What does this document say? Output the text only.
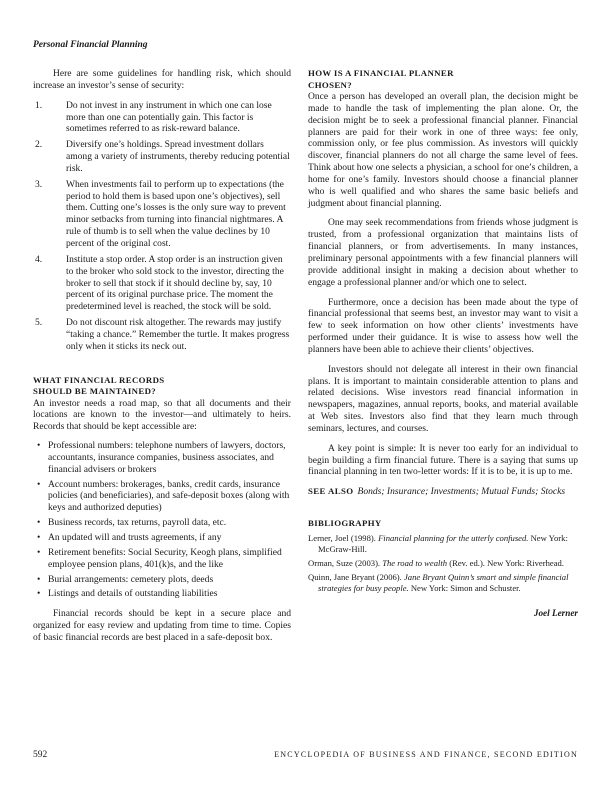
Personal Financial Planning

Here are some guidelines for handling risk, which should increase an investor’s sense of security:

1. Do not invest in any instrument in which one can lose more than one can potentially gain. This factor is sometimes referred to as risk-reward balance.
2. Diversify one’s holdings. Spread investment dollars among a variety of instruments, thereby reducing potential risk.
3. When investments fail to perform up to expectations (the period to hold them is based upon one’s objectives), sell them. Cutting one’s losses is the only sure way to prevent minor setbacks from turning into financial nightmares. A rule of thumb is to sell when the value declines by 10 percent of the original cost.
4. Institute a stop order. A stop order is an instruction given to the broker who sold stock to the investor, directing the broker to sell that stock if it should decline by, say, 10 percent of its original purchase price. The moment the predetermined level is reached, the stock will be sold.
5. Do not discount risk altogether. The rewards may justify “taking a chance.” Remember the turtle. It makes progress only when it sticks its neck out.
WHAT FINANCIAL RECORDS
SHOULD BE MAINTAINED?

An investor needs a road map, so that all documents and their locations are known to the investor—and ultimately to heirs. Records that should be kept accessible are:

• Professional numbers: telephone numbers of lawyers, doctors, accountants, insurance companies, business associates, and financial advisers or brokers
• Account numbers: brokerages, banks, credit cards, insurance policies (and beneficiaries), and safe-deposit boxes (along with keys and authorized deputies)
• Business records, tax returns, payroll data, etc.
• An updated will and trusts agreements, if any
• Retirement benefits: Social Security, Keogh plans, simplified employee pension plans, 401(k)s, and the like
• Burial arrangements: cemetery plots, deeds
• Listings and details of outstanding liabilities

Financial records should be kept in a secure place and organized for easy review and updating from time to time. Copies of basic financial records are best placed in a safe-deposit box.

HOW IS A FINANCIAL PLANNER
CHOSEN?

Once a person has developed an overall plan, the decision might be made to handle the task of implementing the plan alone. Or, the decision might be to seek a professional financial planner. Financial planners are paid for their work in one of three ways: fee only, commission only, or fee plus commission. As investors will quickly discover, financial planners do not all charge the same level of fees. Think about how one selects a physician, a school for one’s children, a home for one’s family. Investors should choose a financial planner who is well qualified and who shares the same basic beliefs and judgment about financial planning.

One may seek recommendations from friends whose judgment is trusted, from a professional organization that maintains lists of financial planners, or from advertisements. In many instances, preliminary personal appointments with a few financial planners will provide additional insight in making a decision about whether to engage a professional planner and/or which one to select.

Furthermore, once a decision has been made about the type of financial professional that seems best, an investor may want to visit a few to seek information on how other clients’ investments have performed under their guidance. It is wise to assess how well the planners have been able to achieve their clients’ objectives.

Investors should not delegate all interest in their own financial plans. It is important to maintain considerable attention to plans and related decisions. Wise investors read financial information in newspapers, magazines, annual reports, books, and material available at Web sites. Investors also find that they learn much through seminars, lectures, and courses.

A key point is simple: It is never too early for an individual to begin building a firm financial future. There is a saying that sums up financial planning in ten two-letter words: If it is to be, it is up to me.

SEE ALSO Bonds; Insurance; Investments; Mutual Funds; Stocks
BIBLIOGRAPHY
Lerner, Joel (1998). Financial planning for the utterly confused. New York: McGraw-Hill.
Orman, Suze (2003). The road to wealth (Rev. ed.). New York: Riverhead.
Quinn, Jane Bryant (2006). Jane Bryant Quinn’s smart and simple financial strategies for busy people. New York: Simon and Schuster.
Joel Lerner
592	ENCYCLOPEDIA OF BUSINESS AND FINANCE, SECOND EDITION
